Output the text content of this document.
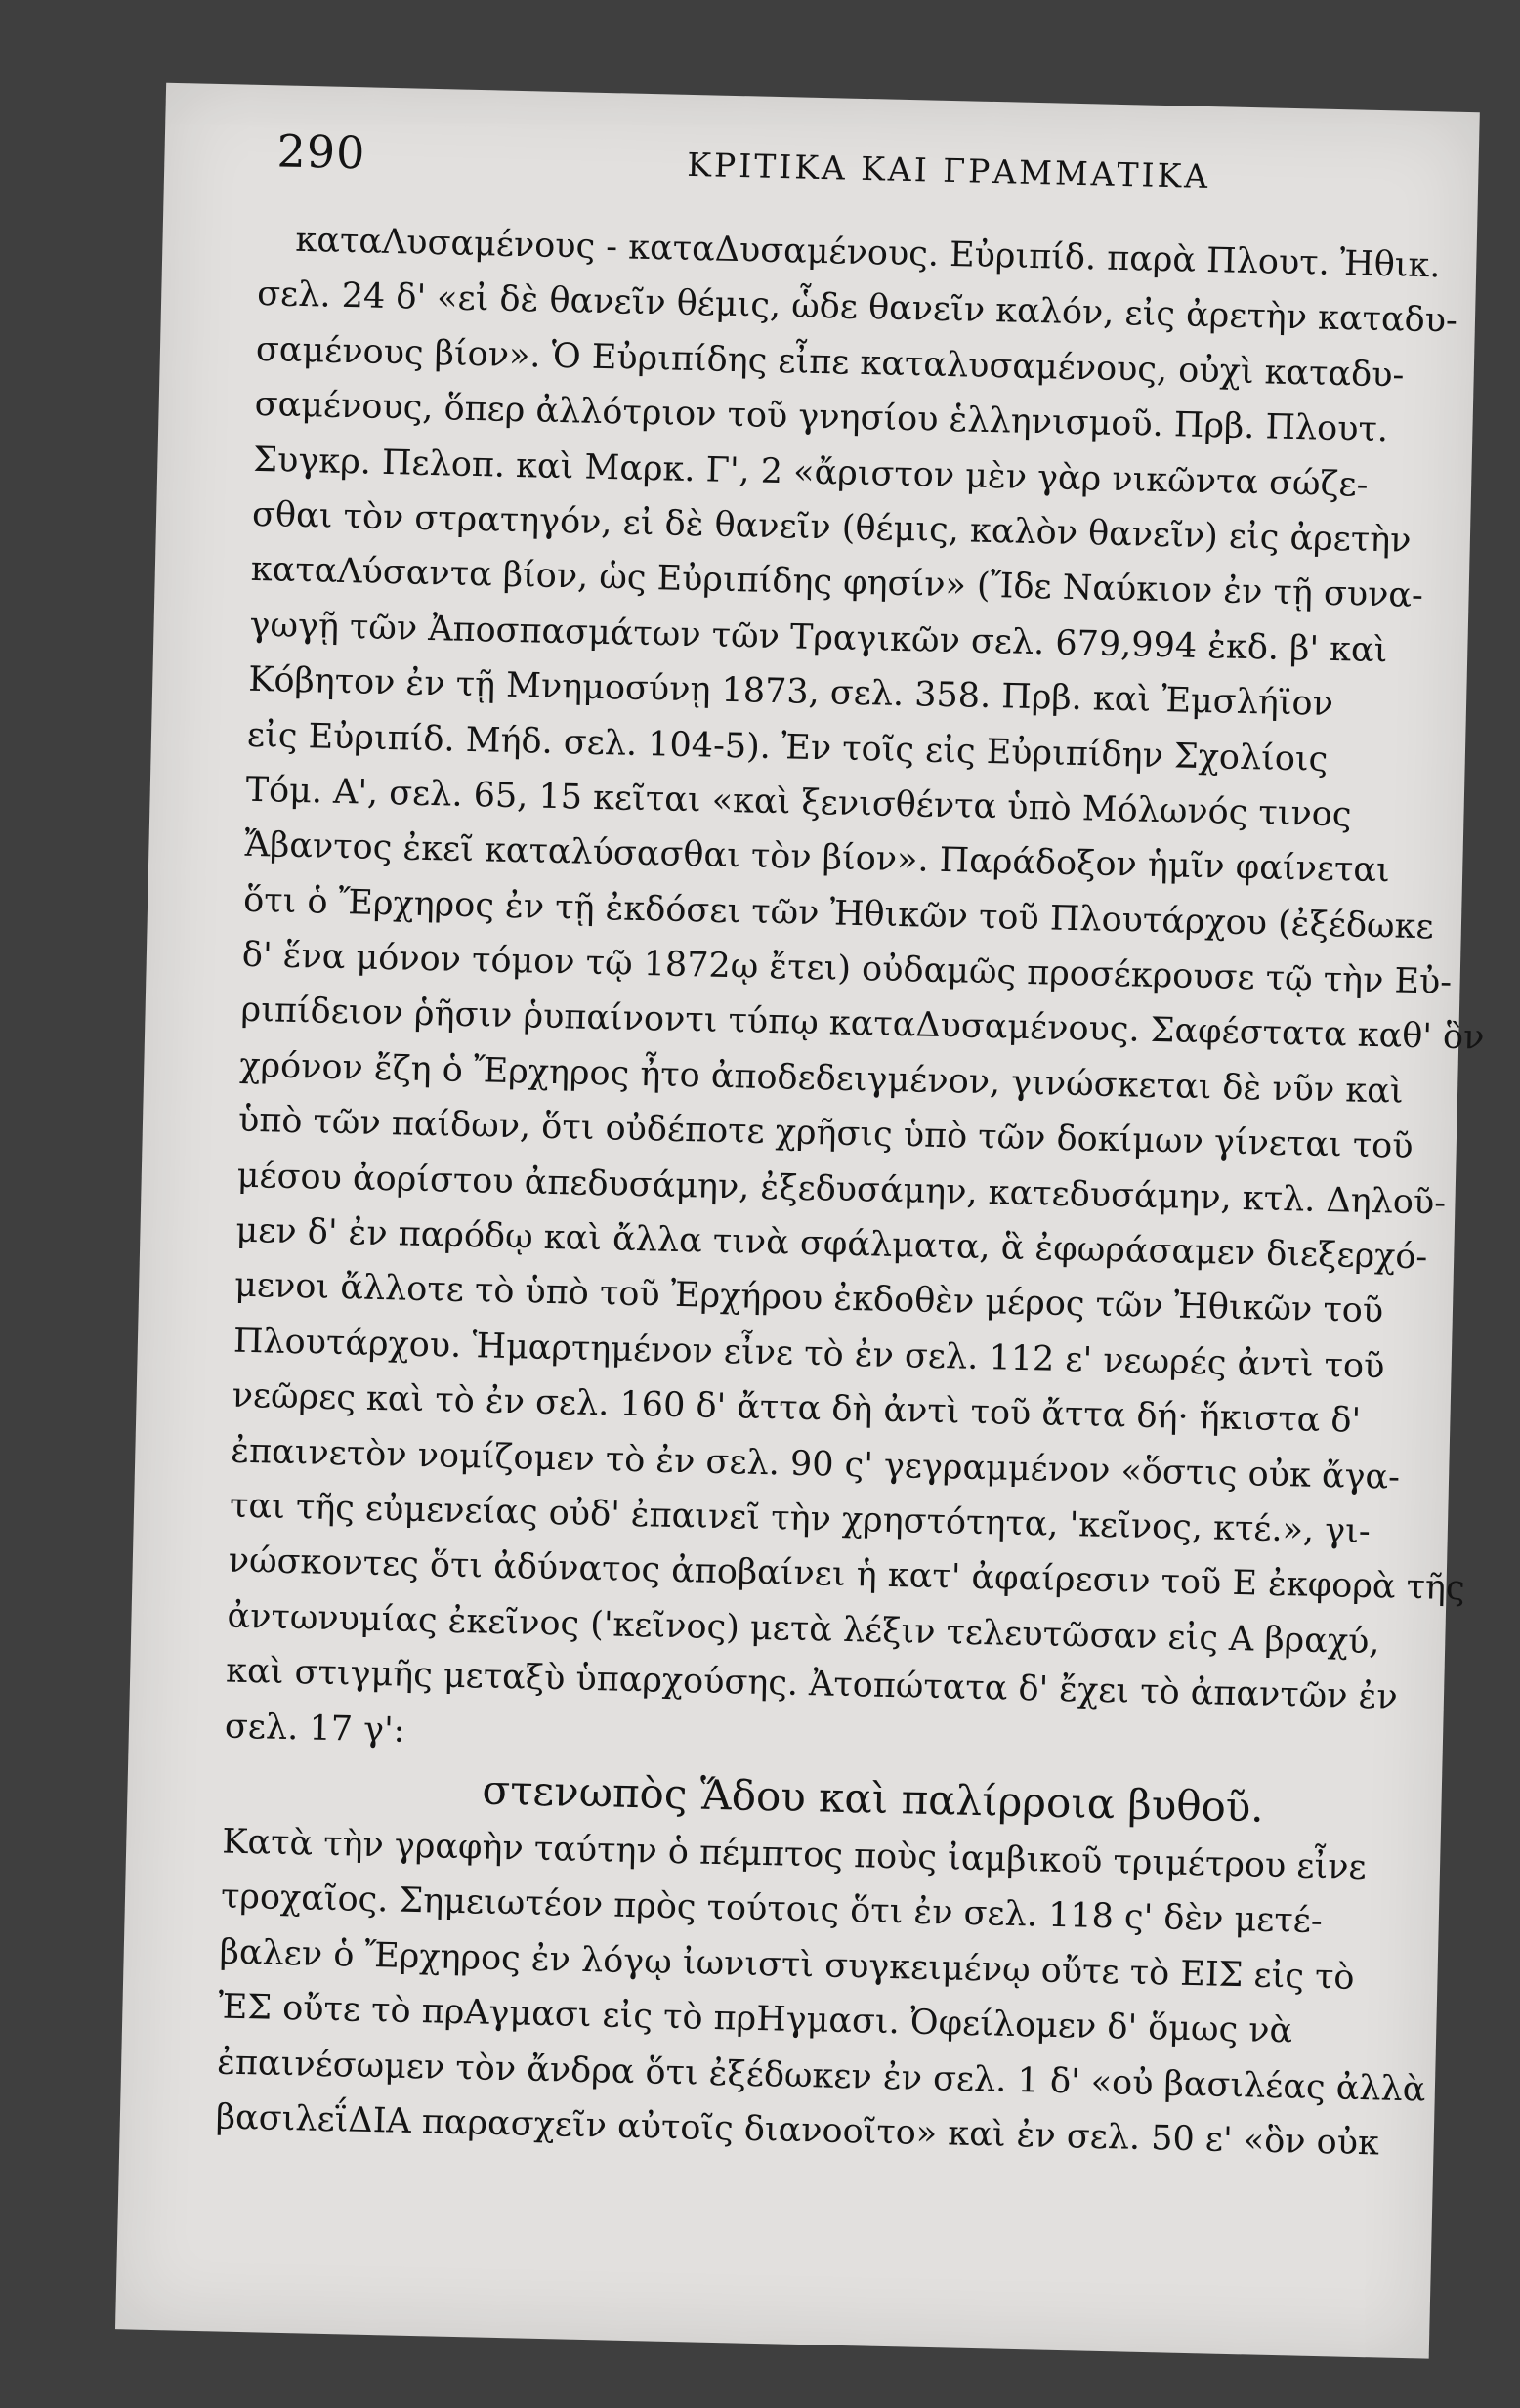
290	ΚΡΙΤΙΚΑ ΚΑΙ ΓΡΑΜΜΑΤΙΚΑ
καταΛυσαμένους - καταΔυσαμένους. Εὐριπίδ. παρὰ Πλουτ. Ἠθικ.
σελ. 24 δ' «εἰ δὲ θανεῖν θέμις, ὧδε θανεῖν καλόν, εἰς ἀρετὴν καταδυ-
σαμένους βίον». Ὁ Εὐριπίδης εἶπε καταλυσαμένους, οὐχὶ καταδυ-
σαμένους, ὅπερ ἀλλότριον τοῦ γνησίου ἑλληνισμοῦ. Πρβ. Πλουτ.
Συγκρ. Πελοπ. καὶ Μαρκ. Γ', 2 «ἄριστον μὲν γὰρ νικῶντα σώζε-
σθαι τὸν στρατηγόν, εἰ δὲ θανεῖν (θέμις, καλὸν θανεῖν) εἰς ἀρετὴν
καταΛύσαντα βίον, ὡς Εὐριπίδης φησίν» (Ἴδε Ναύκιον ἐν τῇ συνα-
γωγῇ τῶν Ἀποσπασμάτων τῶν Τραγικῶν σελ. 679,994 ἐκδ. β' καὶ
Κόβητον ἐν τῇ Μνημοσύνῃ 1873, σελ. 358. Πρβ. καὶ Ἐμσλήϊον
εἰς Εὐριπίδ. Μήδ. σελ. 104-5). Ἐν τοῖς εἰς Εὐριπίδην Σχολίοις
Τόμ. Α', σελ. 65, 15 κεῖται «καὶ ξενισθέντα ὑπὸ Μόλωνός τινος
Ἄβαντος ἐκεῖ καταλύσασθαι τὸν βίον». Παράδοξον ἡμῖν φαίνεται
ὅτι ὁ Ἔρχηρος ἐν τῇ ἐκδόσει τῶν Ἠθικῶν τοῦ Πλουτάρχου (ἐξέδωκε
δ' ἕνα μόνον τόμον τῷ 1872ῳ ἔτει) οὐδαμῶς προσέκρουσε τῷ τὴν Εὐ-
ριπίδειον ῥῆσιν ῥυπαίνοντι τύπῳ καταΔυσαμένους. Σαφέστατα καθ' ὃν
χρόνον ἔζη ὁ Ἔρχηρος ἦτο ἀποδεδειγμένον, γινώσκεται δὲ νῦν καὶ
ὑπὸ τῶν παίδων, ὅτι οὐδέποτε χρῆσις ὑπὸ τῶν δοκίμων γίνεται τοῦ
μέσου ἀορίστου ἀπεδυσάμην, ἐξεδυσάμην, κατεδυσάμην, κτλ. Δηλοῦ-
μεν δ' ἐν παρόδῳ καὶ ἄλλα τινὰ σφάλματα, ἃ ἐφωράσαμεν διεξερχό-
μενοι ἄλλοτε τὸ ὑπὸ τοῦ Ἐρχήρου ἐκδοθὲν μέρος τῶν Ἠθικῶν τοῦ
Πλουτάρχου. Ἡμαρτημένον εἶνε τὸ ἐν σελ. 112 ε' νεωρές ἀντὶ τοῦ
νεῶρες καὶ τὸ ἐν σελ. 160 δ' ἄττα δὴ ἀντὶ τοῦ ἄττα δή· ἥκιστα δ'
ἐπαινετὸν νομίζομεν τὸ ἐν σελ. 90 ς' γεγραμμένον «ὅστις οὐκ ἄγα-
ται τῆς εὐμενείας οὐδ' ἐπαινεῖ τὴν χρηστότητα, 'κεῖνος, κτέ.», γι-
νώσκοντες ὅτι ἀδύνατος ἀποβαίνει ἡ κατ' ἀφαίρεσιν τοῦ Ε ἐκφορὰ τῆς
ἀντωνυμίας ἐκεῖνος ('κεῖνος) μετὰ λέξιν τελευτῶσαν εἰς Α βραχύ,
καὶ στιγμῆς μεταξὺ ὑπαρχούσης. Ἀτοπώτατα δ' ἔχει τὸ ἀπαντῶν ἐν
σελ. 17 γ':
στενωπὸς Ἅδου καὶ παλίρροια βυθοῦ.
Κατὰ τὴν γραφὴν ταύτην ὁ πέμπτος ποὺς ἰαμβικοῦ τριμέτρου εἶνε
τροχαῖος. Σημειωτέον πρὸς τούτοις ὅτι ἐν σελ. 118 ς' δὲν μετέ-
βαλεν ὁ Ἔρχηρος ἐν λόγῳ ἰωνιστὶ συγκειμένῳ οὔτε τὸ ΕΙΣ εἰς τὸ
ἘΣ οὔτε τὸ πρΑγμασι εἰς τὸ πρΗγμασι. Ὀφείλομεν δ' ὅμως νὰ
ἐπαινέσωμεν τὸν ἄνδρα ὅτι ἐξέδωκεν ἐν σελ. 1 δ' «οὐ βασιλέας ἀλλὰ
βασιλεΐΔΙΑ παρασχεῖν αὐτοῖς διανοοῖτο» καὶ ἐν σελ. 50 ε' «ὃν οὐκ
